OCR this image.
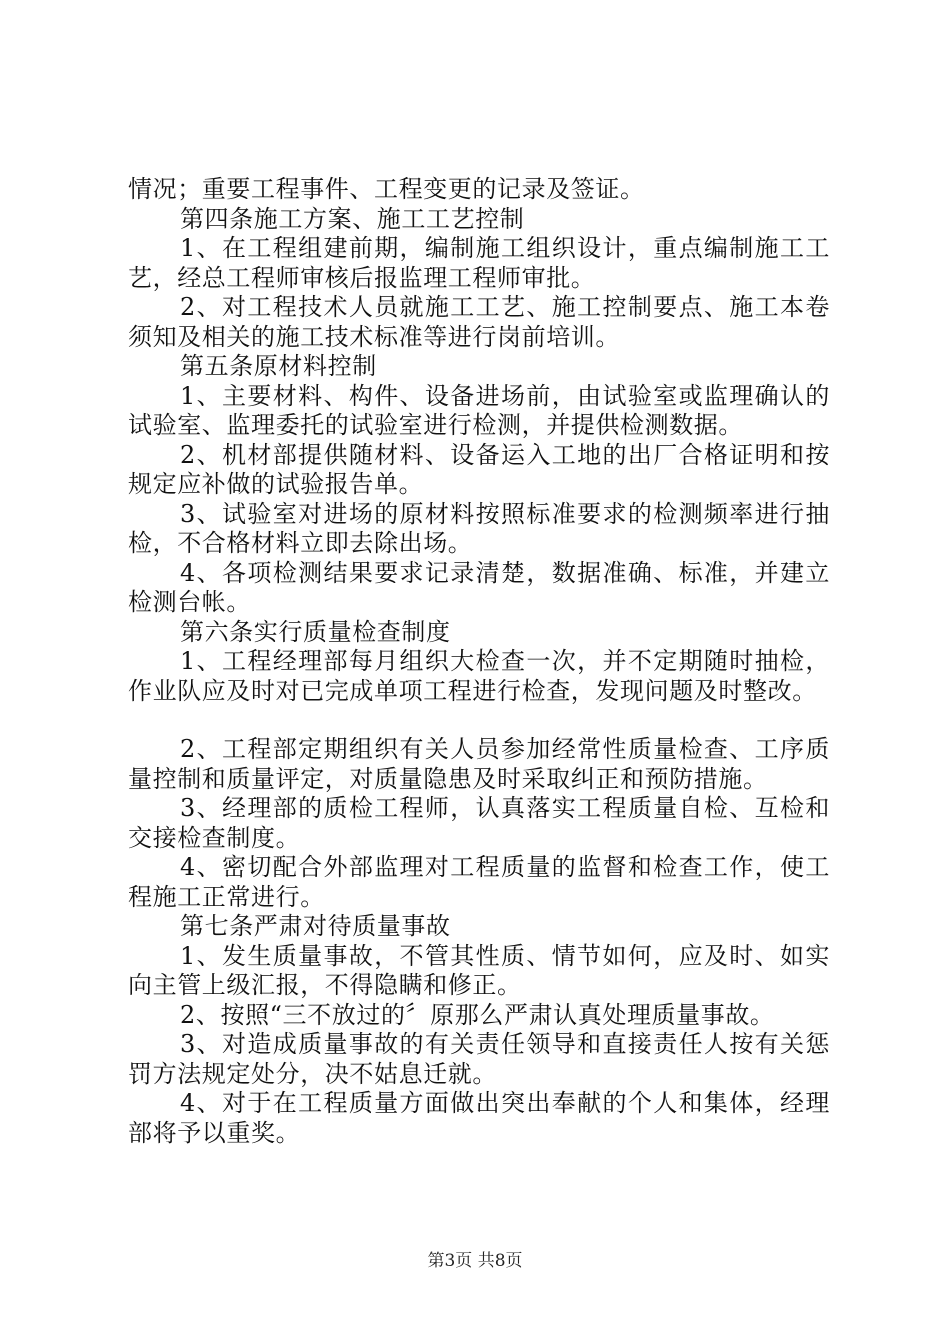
情况；重要工程事件、工程变更的记录及签证。

第四条施工方案、施工工艺控制

1、在工程组建前期，编制施工组织设计，重点编制施工工艺，经总工程师审核后报监理工程师审批。

2、对工程技术人员就施工工艺、施工控制要点、施工本卷须知及相关的施工技术标准等进行岗前培训。

第五条原材料控制

1、主要材料、构件、设备进场前，由试验室或监理确认的试验室、监理委托的试验室进行检测，并提供检测数据。

2、机材部提供随材料、设备运入工地的出厂合格证明和按规定应补做的试验报告单。

3、试验室对进场的原材料按照标准要求的检测频率进行抽检，不合格材料立即去除出场。

4、各项检测结果要求记录清楚，数据准确、标准，并建立检测台帐。

第六条实行质量检查制度

1、工程经理部每月组织大检查一次，并不定期随时抽检，作业队应及时对已完成单项工程进行检查，发现问题及时整改。

2、工程部定期组织有关人员参加经常性质量检查、工序质量控制和质量评定，对质量隐患及时采取纠正和预防措施。

3、经理部的质检工程师，认真落实工程质量自检、互检和交接检查制度。

4、密切配合外部监理对工程质量的监督和检查工作，使工程施工正常进行。

第七条严肃对待质量事故

1、发生质量事故，不管其性质、情节如何，应及时、如实向主管上级汇报，不得隐瞒和修正。

2、按照“三不放过的〞原那么严肃认真处理质量事故。

3、对造成质量事故的有关责任领导和直接责任人按有关惩罚方法规定处分，决不姑息迁就。

4、对于在工程质量方面做出突出奉献的个人和集体，经理部将予以重奖。

第3页 共8页
